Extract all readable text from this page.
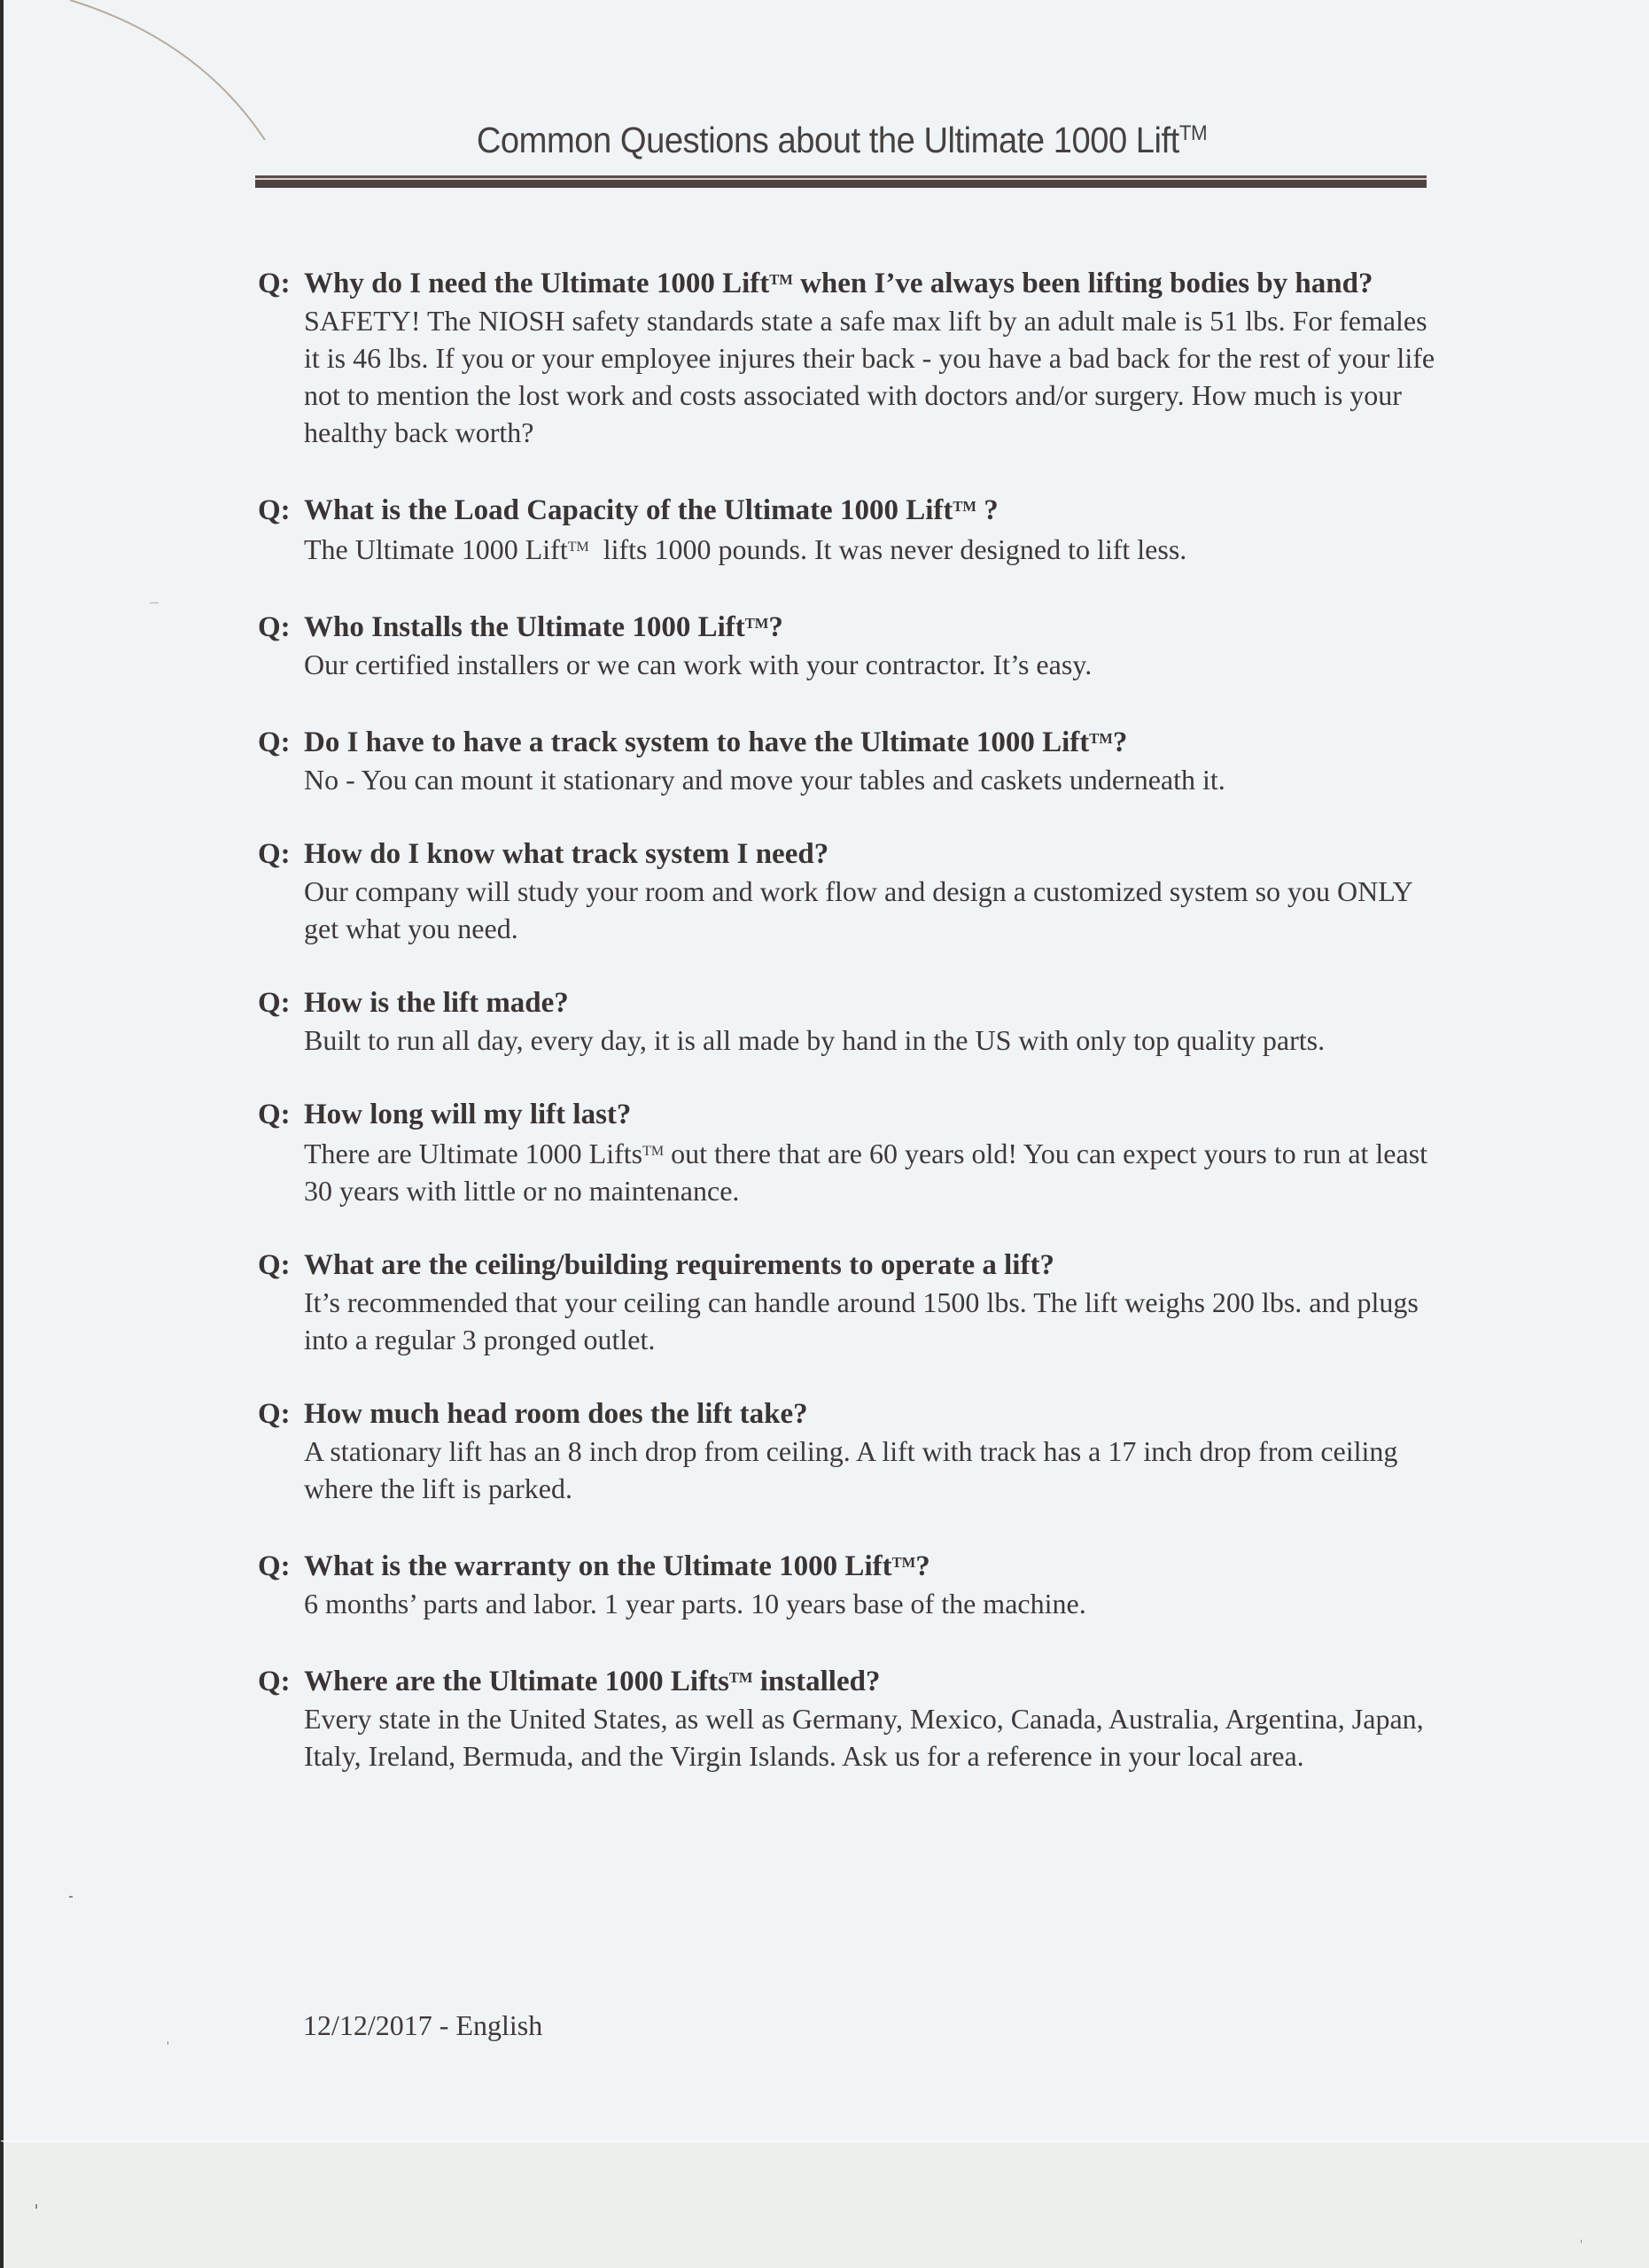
Common Questions about the Ultimate 1000 Lift™
Q: Why do I need the Ultimate 1000 Lift™ when I’ve always been lifting bodies by hand?
SAFETY! The NIOSH safety standards state a safe max lift by an adult male is 51 lbs. For females it is 46 lbs. If you or your employee injures their back - you have a bad back for the rest of your life not to mention the lost work and costs associated with doctors and/or surgery. How much is your healthy back worth?
Q: What is the Load Capacity of the Ultimate 1000 Lift™ ?
The Ultimate 1000 Lift™  lifts 1000 pounds. It was never designed to lift less.
Q: Who Installs the Ultimate 1000 Lift™?
Our certified installers or we can work with your contractor. It’s easy.
Q: Do I have to have a track system to have the Ultimate 1000 Lift™?
No - You can mount it stationary and move your tables and caskets underneath it.
Q: How do I know what track system I need?
Our company will study your room and work flow and design a customized system so you ONLY get what you need.
Q: How is the lift made?
Built to run all day, every day, it is all made by hand in the US with only top quality parts.
Q: How long will my lift last?
There are Ultimate 1000 Lifts™ out there that are 60 years old! You can expect yours to run at least 30 years with little or no maintenance.
Q: What are the ceiling/building requirements to operate a lift?
It’s recommended that your ceiling can handle around 1500 lbs. The lift weighs 200 lbs. and plugs into a regular 3 pronged outlet.
Q: How much head room does the lift take?
A stationary lift has an 8 inch drop from ceiling. A lift with track has a 17 inch drop from ceiling where the lift is parked.
Q: What is the warranty on the Ultimate 1000 Lift™?
6 months’ parts and labor. 1 year parts. 10 years base of the machine.
Q: Where are the Ultimate 1000 Lifts™ installed?
Every state in the United States, as well as Germany, Mexico, Canada, Australia, Argentina, Japan,  Italy, Ireland, Bermuda, and the Virgin Islands. Ask us for a reference in your local area.
12/12/2017 - English
